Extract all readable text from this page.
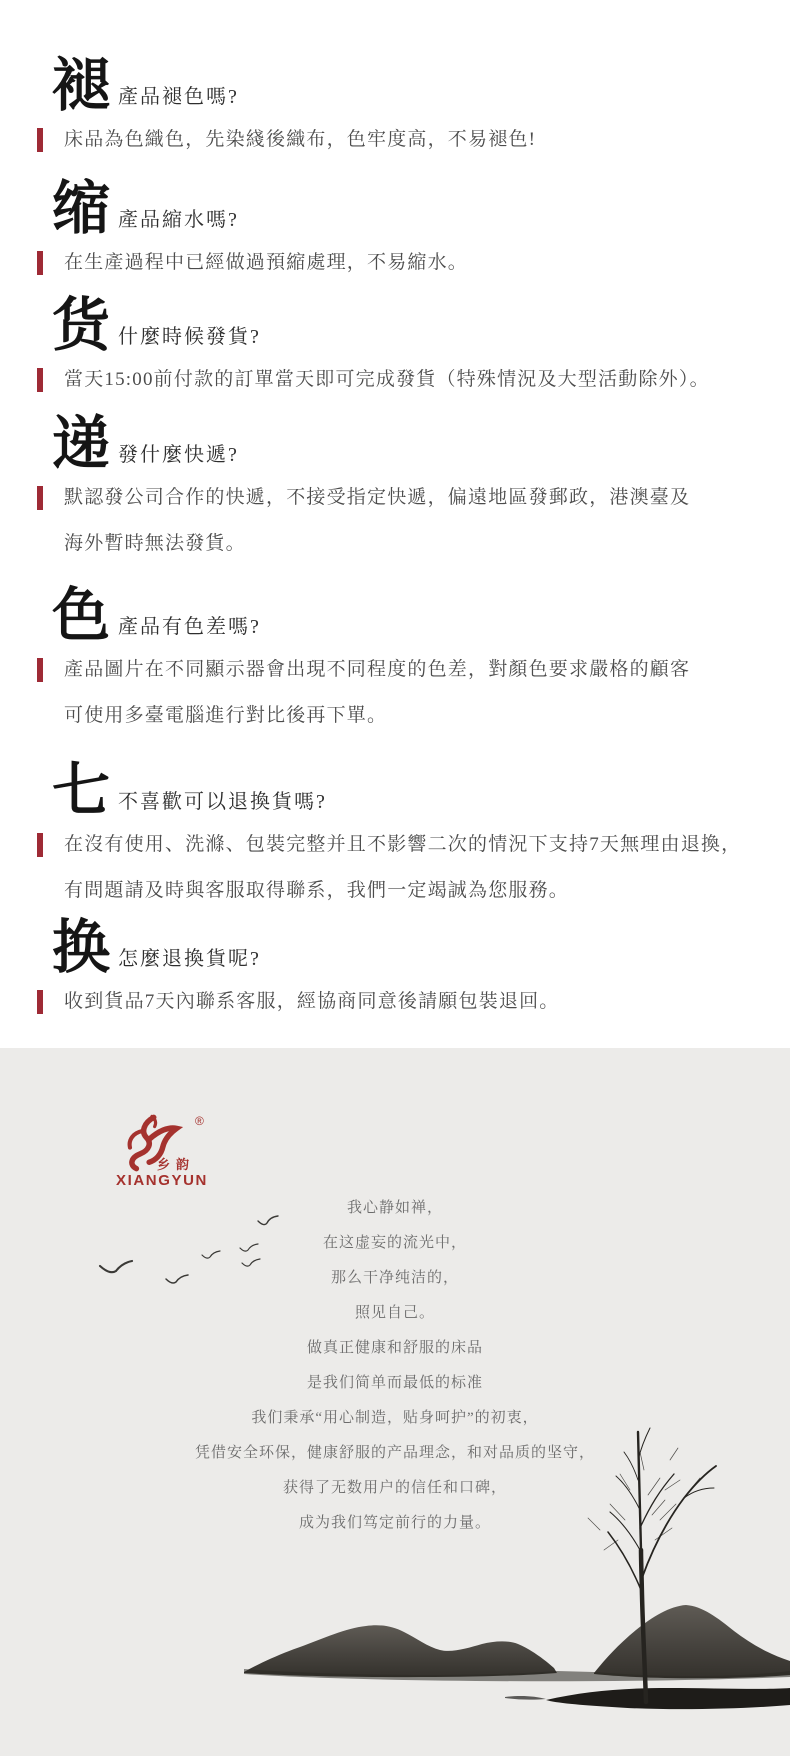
褪 產品褪色嗎?
床品為色織色，先染綫後織布，色牢度高，不易褪色!
缩 產品縮水嗎?
在生產過程中已經做過預縮處理，不易縮水。
货 什麼時候發貨?
當天15:00前付款的訂單當天即可完成發貨（特殊情況及大型活動除外）。
递 發什麼快遞?
默認發公司合作的快遞，不接受指定快遞，偏遠地區發郵政，港澳臺及
海外暫時無法發貨。
色 產品有色差嗎?
產品圖片在不同顯示器會出現不同程度的色差，對顏色要求嚴格的顧客
可使用多臺電腦進行對比後再下單。
七 不喜歡可以退換貨嗎?
在沒有使用、洗滌、包裝完整并且不影響二次的情況下支持7天無理由退換，
有問題請及時與客服取得聯系，我們一定竭誠為您服務。
换 怎麼退換貨呢?
收到貨品7天內聯系客服，經協商同意後請願包裝退回。
®
乡韵
XIANGYUN
我心静如禅，
在这虚妄的流光中，
那么干净纯洁的，
照见自己。
做真正健康和舒服的床品
是我们简单而最低的标准
我们秉承“用心制造，贴身呵护”的初衷，
凭借安全环保，健康舒服的产品理念，和对品质的坚守，
获得了无数用户的信任和口碑，
成为我们笃定前行的力量。
